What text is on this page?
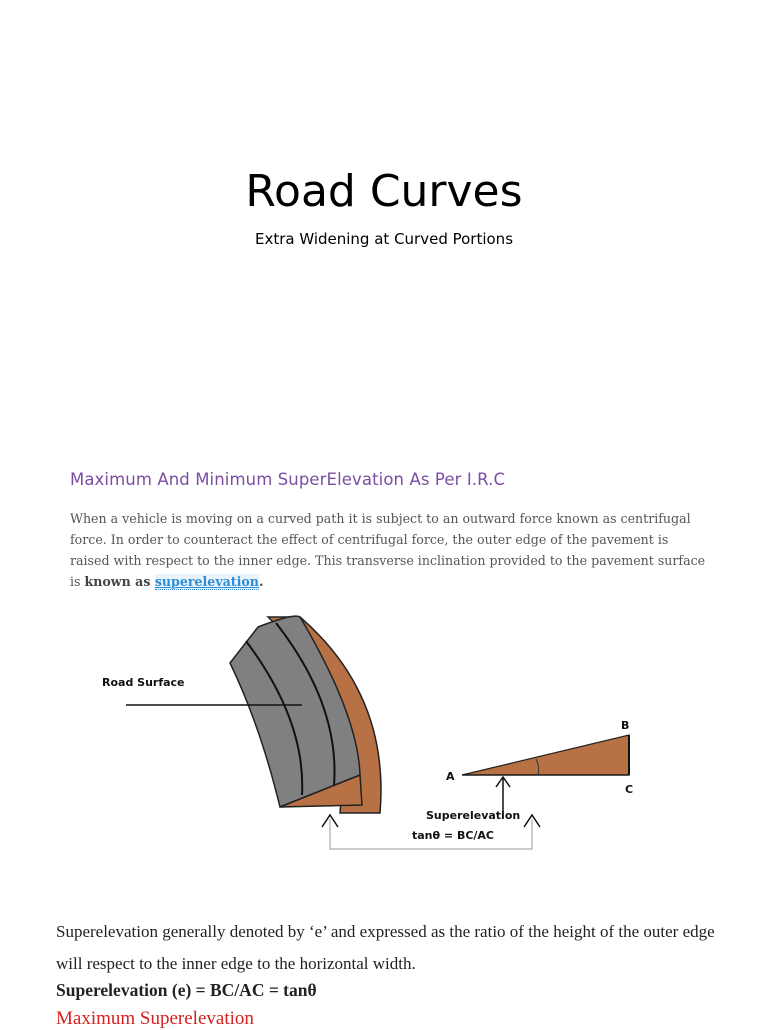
Road Curves
Extra Widening at Curved Portions
Maximum And Minimum SuperElevation As Per I.R.C
When a vehicle is moving on a curved path it is subject to an outward force known as centrifugal force. In order to counteract the effect of centrifugal force, the outer edge of the pavement is raised with respect to the inner edge. This transverse inclination provided to the pavement surface is known as superelevation.
Road Surface
A
B
C
Superelevation
tanθ = BC/AC
Superelevation generally denoted by ‘e’ and expressed as the ratio of the height of the outer edge will respect to the inner edge to the horizontal width.
Superelevation (e) = BC/AC = tanθ
Maximum Superelevation
